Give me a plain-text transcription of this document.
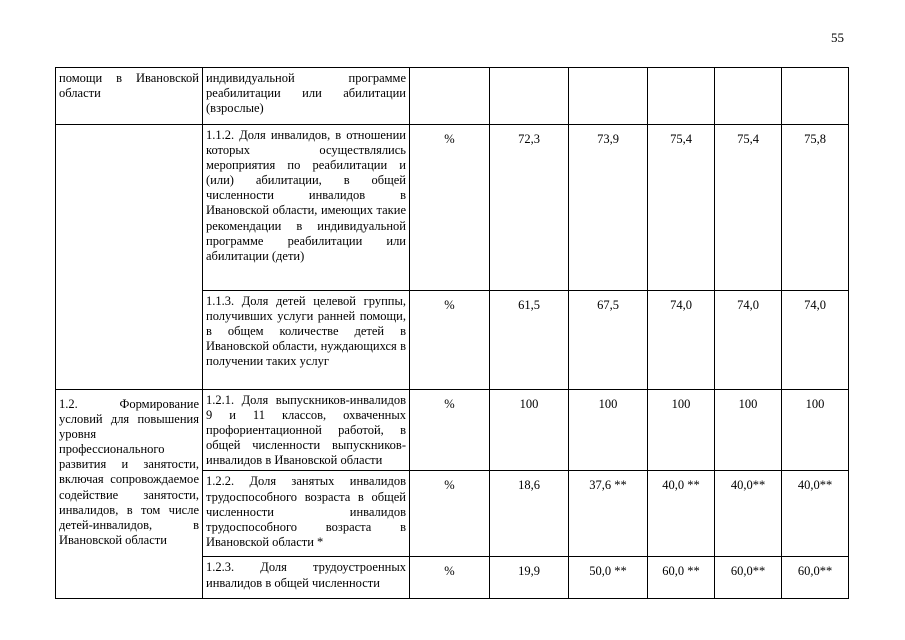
55
помощи в Ивановской области	индивидуальной программе реабилитации или абилитации (взрослые)						
	1.1.2. Доля инвалидов, в отношении которых осуществлялись мероприятия по реабилитации и (или) абилитации, в общей численности инвалидов в Ивановской области, имеющих такие рекомендации в индивидуальной программе реабилитации или абилитации (дети)	%	72,3	73,9	75,4	75,4	75,8
	1.1.3. Доля детей целевой группы, получивших услуги ранней помощи, в общем количестве детей в Ивановской области, нуждающихся в получении таких услуг	%	61,5	67,5	74,0	74,0	74,0
1.2. Формирование условий для повышения уровня профессионального развития и занятости, включая сопровождаемое содействие занятости, инвалидов, в том числе детей-инвалидов, в Ивановской области	1.2.1. Доля выпускников-инвалидов 9 и 11 классов, охваченных профориентационной работой, в общей численности выпускников-инвалидов в Ивановской области	%	100	100	100	100	100
	1.2.2. Доля занятых инвалидов трудоспособного возраста в общей численности инвалидов трудоспособного возраста в Ивановской области *	%	18,6	37,6 **	40,0 **	40,0**	40,0**
	1.2.3. Доля трудоустроенных инвалидов в общей численности	%	19,9	50,0 **	60,0 **	60,0**	60,0**
